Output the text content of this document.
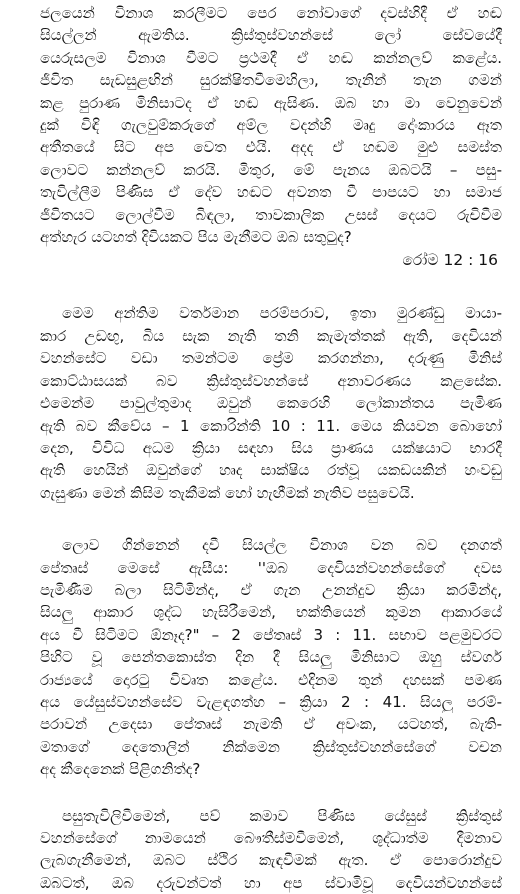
ජලයෙන් විනාශ කරලීමට පෙර නෝවාගේ දවස්හිදී ඒ හඬ
සියල්ලන් ඇමතිය. ක්‍රිස්තුස්වහන්සේ ලෝ සේවයේදී
යෙරුසලම විනාශ වීමට ප්‍රථමදී ඒ හඬ කන්නලව් කළේය.
ජීවිත සැඩසුළඟින් සුරක්ෂිතවීමෙහිලා, තැනින් තැන ගමන්
කළ පුරාණ මිනිසාටද ඒ හඬ ඇසිණ. ඔබ හා මා වෙනුවෙන්
දුක් විඳි ගැලවුම්කරුගේ අම්ල වදන්හි මෘදු දෝංකාරය ඈත
අතීතයේ සිට අප වෙත එයි. අදද ඒ හඬම මුළු සමස්ත
ලොවට කන්නලව් කරයි. මිතුර, මේ පැනය ඔබටයි – පසු-
තැවිල්ලීම පිණිස ඒ දේව හඬට අවනත වී පාපයට හා සමාජ
ජීවිතයට ලොල්වීම බිඳලා, තාවකාලික උසස් දෙයට රුචිවීම
අත්හැර යටහත් දිවියකට පිය මැනීමට ඔබ සතුටුද?
රෝම 12 : 16
මෙම අන්තිම වර්තමාන පරම්පරාව, ඉතා මුරණ්ඩු මායා-
කාර උඩඟු, බිය සැක නැති තනි කැමැත්තක් ඇති, දෙවියන්
වහන්සේට වඩා තමන්ටම ප්‍රේම කරගන්නා, දරුණු මිනිස්
කොට්ඨාසයක් බව ක්‍රිස්තුස්වහන්සේ අනාවරණය කළසේක.
එමෙන්ම පාවුල්තුමාද ඔවුන් කෙරෙහි ලෝකාන්තය පැමිණ
ඇති බව කීවේය – 1 කොරින්ති 10 : 11. මෙය කියවන බොහෝ
දෙන, විවිධ අධම ක්‍රියා සඳහා සිය ප්‍රාණය යක්ෂයාට භාරදී
ඇති හෙයින් ඔවුන්ගේ හෘද සාක්ෂිය රත්වූ යකඩයකින් හංවඩු
ගැසුණා මෙන් කිසිම තැකීමක් හෝ හැඟීමක් නැතිව පසුවෙයි.
ලොව ගින්නෙන් දවී සියල්ල විනාශ වන බව දනගත්
පේතෘස් මෙසේ ඇසීය: ''ඔබ දෙවියන්වහන්සේගේ දවස
පැමිණීම බලා සිටිමින්ද, ඒ ගැන උනන්දුව ක්‍රියා කරමින්ද,
සියලු ආකාර ශුද්ධ හැසිරීමෙන්, භක්තියෙන් කුමන ආකාරයේ
අය වී සිටිමට ඕනෑද?" – 2 පේතෘස් 3 : 11. සභාව පළමුවරට
පිහිට වූ පෙන්තකොස්ත දින දී සියලු මිනිසාට ඔහු ස්වර්ග
රාජ්‍යයේ දොරටු විවෘත කළේය. එදිනම තුන් දහසක් පමණ
අය යේසුස්වහන්සේව වැළඳගත්හ – ක්‍රියා 2 : 41. සියලු පරම්-
පරාවන් උදෙසා පේතෘස් නැමති ඒ අවංක, යටහත්, බැති-
මතාගේ දෙතොලින් නික්මෙන ක්‍රිස්තුස්වහන්සේගේ වචන
අද කීදෙනෙක් පිළිගනිත්ද?
පසුතැවිලිවීමෙන්, පව් කමාව පිණිස යේසුස් ක්‍රිස්තුස්
වහන්සේගේ නාමයෙන් බෞතීස්මවීමෙන්, ශුද්ධාත්ම දීමනාව
ලැබගැනීමෙන්, ඔබට ස්ථිර කැඳවීමක් ඇත. ඒ පොරොන්දුව
ඔබටත්, ඔබ දරුවන්ටත් හා අප ස්වාමිවූ දෙවියන්වහන්සේ
